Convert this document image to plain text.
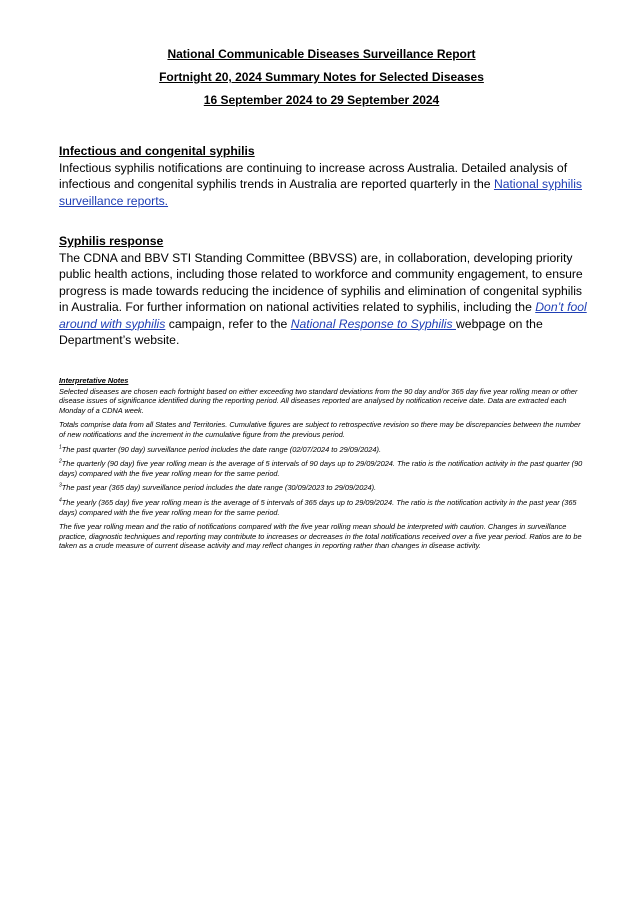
National Communicable Diseases Surveillance Report

Fortnight 20, 2024 Summary Notes for Selected Diseases

16 September 2024 to 29 September 2024

Infectious and congenital syphilis

Infectious syphilis notifications are continuing to increase across Australia. Detailed analysis of infectious and congenital syphilis trends in Australia are reported quarterly in the National syphilis surveillance reports.

Syphilis response

The CDNA and BBV STI Standing Committee (BBVSS) are, in collaboration, developing priority public health actions, including those related to workforce and community engagement, to ensure progress is made towards reducing the incidence of syphilis and elimination of congenital syphilis in Australia. For further information on national activities related to syphilis, including the Don’t fool around with syphilis campaign, refer to the National Response to Syphilis webpage on the Department’s website.

Interpretative Notes

Selected diseases are chosen each fortnight based on either exceeding two standard deviations from the 90 day and/or 365 day five year rolling mean or other disease issues of significance identified during the reporting period. All diseases reported are analysed by notification receive date. Data are extracted each Monday of a CDNA week.

Totals comprise data from all States and Territories. Cumulative figures are subject to retrospective revision so there may be discrepancies between the number of new notifications and the increment in the cumulative figure from the previous period.

$^1$The past quarter (90 day) surveillance period includes the date range (02/07/2024 to 29/09/2024).

$^2$The quarterly (90 day) five year rolling mean is the average of 5 intervals of 90 days up to 29/09/2024. The ratio is the notification activity in the past quarter (90 days) compared with the five year rolling mean for the same period.

$^3$The past year (365 day) surveillance period includes the date range (30/09/2023 to 29/09/2024).

$^4$The yearly (365 day) five year rolling mean is the average of 5 intervals of 365 days up to 29/09/2024. The ratio is the notification activity in the past year (365 days) compared with the five year rolling mean for the same period.

The five year rolling mean and the ratio of notifications compared with the five year rolling mean should be interpreted with caution. Changes in surveillance practice, diagnostic techniques and reporting may contribute to increases or decreases in the total notifications received over a five year period. Ratios are to be taken as a crude measure of current disease activity and may reflect changes in reporting rather than changes in disease activity.
